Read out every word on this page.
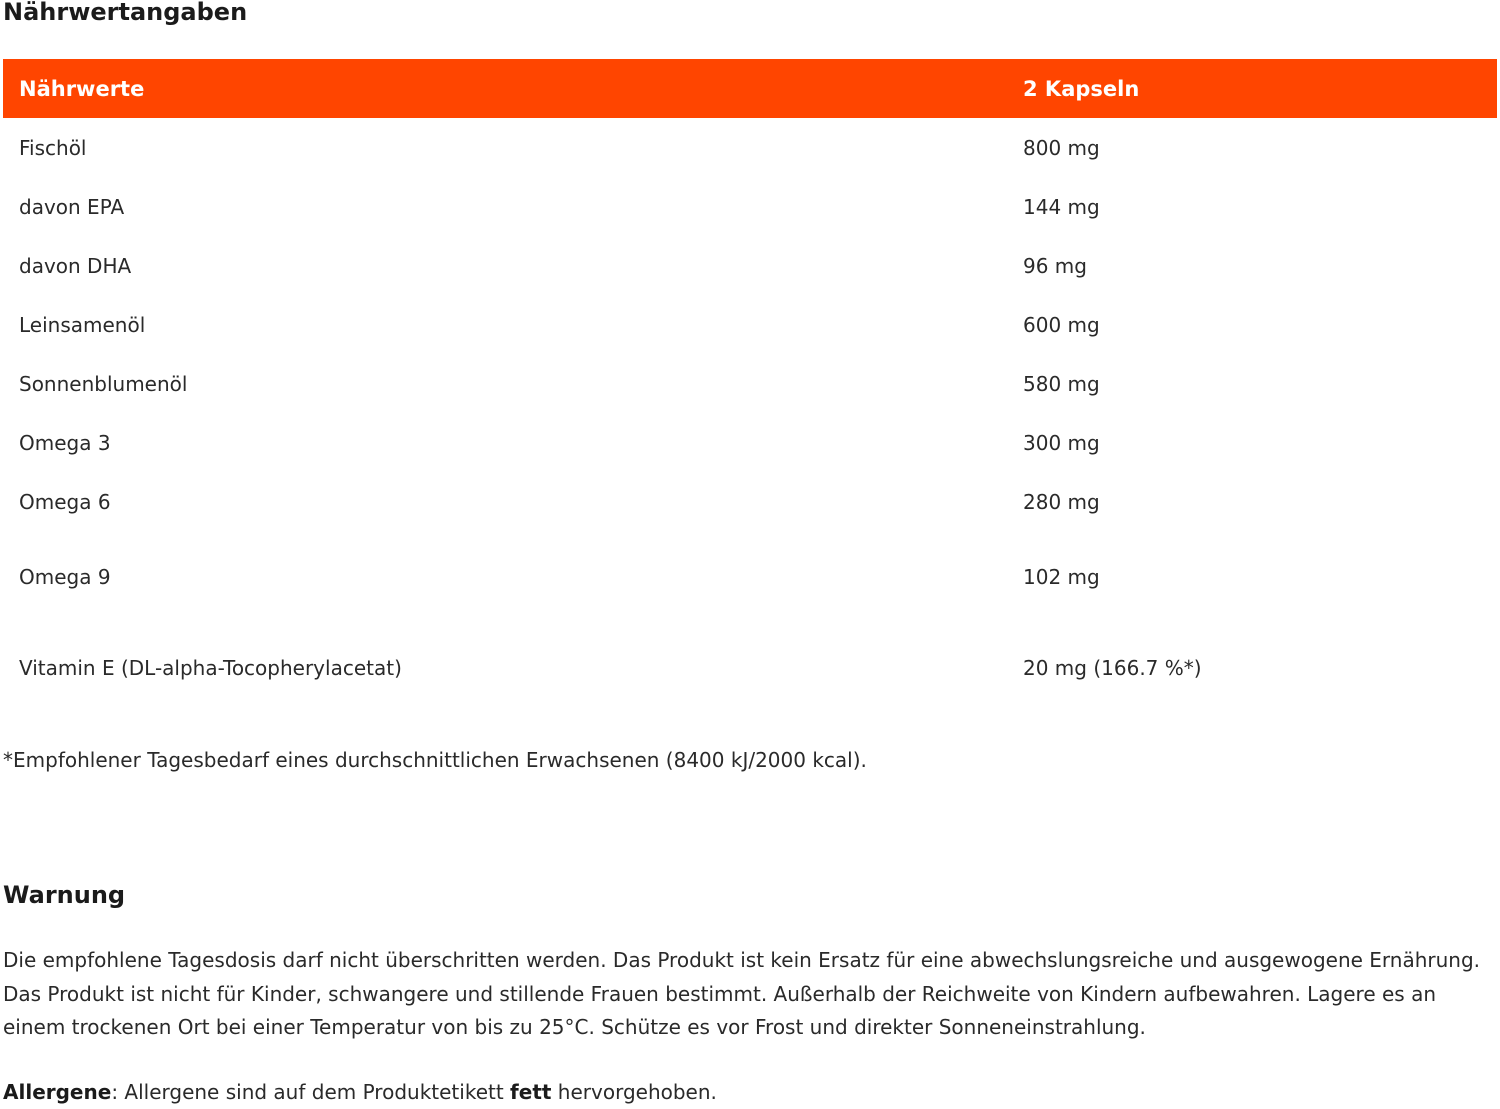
Nährwertangaben
Nährwerte	2 Kapseln
Fischöl	800 mg
davon EPA	144 mg
davon DHA	96 mg
Leinsamenöl	600 mg
Sonnenblumenöl	580 mg
Omega 3	300 mg
Omega 6	280 mg
Omega 9	102 mg
Vitamin E (DL-alpha-Tocopherylacetat)	20 mg (166.7 %*)

*Empfohlener Tagesbedarf eines durchschnittlichen Erwachsenen (8400 kJ/2000 kcal).

Warnung

Die empfohlene Tagesdosis darf nicht überschritten werden. Das Produkt ist kein Ersatz für eine abwechslungsreiche und ausgewogene Ernährung. Das Produkt ist nicht für Kinder, schwangere und stillende Frauen bestimmt. Außerhalb der Reichweite von Kindern aufbewahren. Lagere es an einem trockenen Ort bei einer Temperatur von bis zu 25°C. Schütze es vor Frost und direkter Sonneneinstrahlung.

Allergene: Allergene sind auf dem Produktetikett fett hervorgehoben.
